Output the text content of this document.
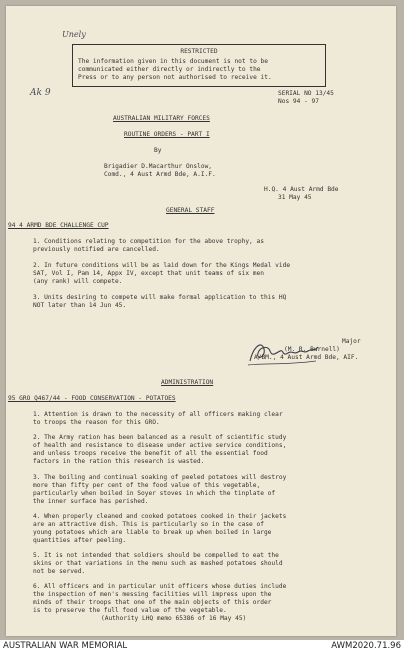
Unely
RESTRICTED
The information given in this document is not to be
communicated either directly or indirectly to the
Press or to any person not authorised to receive it.
Ak 9	SERIAL NO 13/45
Nos 94 - 97
AUSTRALIAN MILITARY FORCES
ROUTINE ORDERS - PART I
By
Brigadier D.Macarthur Onslow,
Comd., 4 Aust Armd Bde, A.I.F.
H.Q. 4 Aust Armd Bde
31 May 45
GENERAL STAFF
94 4 ARMD BDE CHALLENGE CUP
1. Conditions relating to competition for the above trophy, as
previously notified are cancelled.
2. In future conditions will be as laid down for the Kings Medal vide
SAT, Vol I, Pam 14, Appx IV, except that unit teams of six men
(any rank) will compete.
3. Units desiring to compete will make formal application to this HQ
NOT later than 14 Jun 45.
Major
(M. R. Burnell)
A/BM., 4 Aust Armd Bde, AIF.
ADMINISTRATION
95 GRO Q467/44 - FOOD CONSERVATION - POTATOES
1. Attention is drawn to the necessity of all officers making clear
to troops the reason for this GRO.
2. The Army ration has been balanced as a result of scientific study
of health and resistance to disease under active service conditions,
and unless troops receive the benefit of all the essential food
factors in the ration this research is wasted.
3. The boiling and continual soaking of peeled potatoes will destroy
more than fifty per cent of the food value of this vegetable,
particularly when boiled in Soyer stoves in which the tinplate of
the inner surface has perished.
4. When properly cleaned and cooked potatoes cooked in their jackets
are an attractive dish. This is particularly so in the case of
young potatoes which are liable to break up when boiled in large
quantities after peeling.
5. It is not intended that soldiers should be compelled to eat the
skins or that variations in the menu such as mashed potatoes should
not be served.
6. All officers and in particular unit officers whose duties include
the inspection of men's messing facilities will impress upon the
minds of their troops that one of the main objects of this order
is to preserve the full food value of the vegetable.
(Authority LHQ memo 65386 of 16 May 45)
AUSTRALIAN WAR MEMORIAL	AWM2020.71.96
